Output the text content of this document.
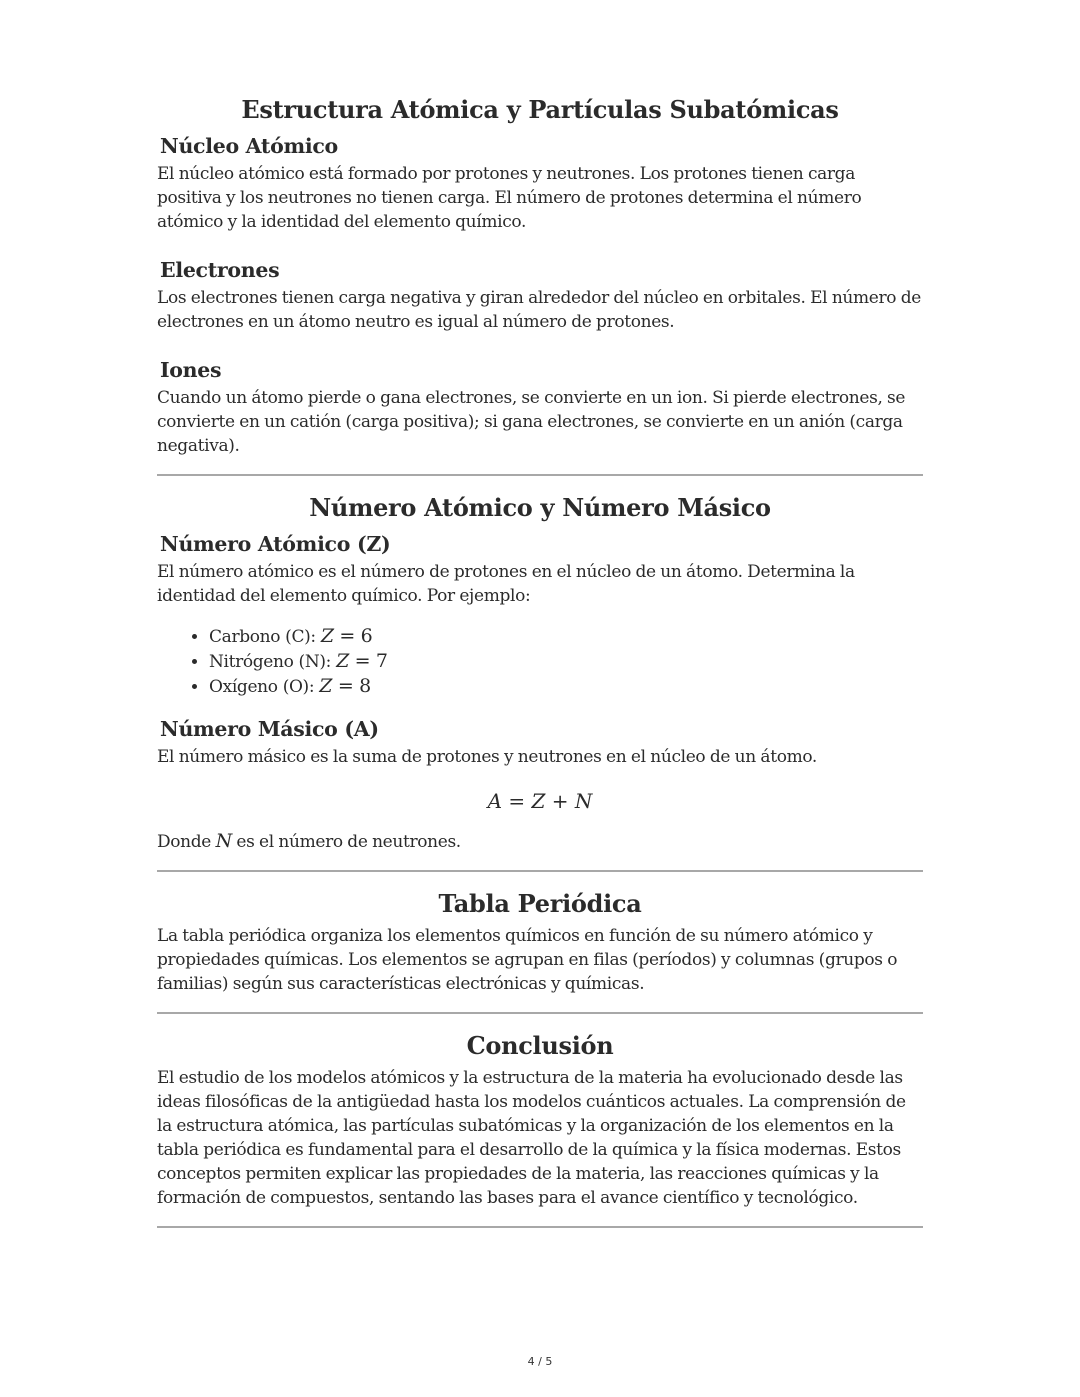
Estructura Atómica y Partículas Subatómicas
Núcleo Atómico

El núcleo atómico está formado por protones y neutrones. Los protones tienen carga positiva y los neutrones no tienen carga. El número de protones determina el número atómico y la identidad del elemento químico.

Electrones

Los electrones tienen carga negativa y giran alrededor del núcleo en orbitales. El número de electrones en un átomo neutro es igual al número de protones.

Iones

Cuando un átomo pierde o gana electrones, se convierte en un ion. Si pierde electrones, se convierte en un catión (carga positiva); si gana electrones, se convierte en un anión (carga negativa).

Número Atómico y Número Másico
Número Atómico (Z)

El número atómico es el número de protones en el núcleo de un átomo. Determina la identidad del elemento químico. Por ejemplo:

• Carbono (C): Z = 6
• Nitrógeno (N): Z = 7
• Oxígeno (O): Z = 8
Número Másico (A)

El número másico es la suma de protones y neutrones en el núcleo de un átomo.

A = Z + N

Donde N es el número de neutrones.

Tabla Periódica

La tabla periódica organiza los elementos químicos en función de su número atómico y propiedades químicas. Los elementos se agrupan en filas (períodos) y columnas (grupos o familias) según sus características electrónicas y químicas.

Conclusión

El estudio de los modelos atómicos y la estructura de la materia ha evolucionado desde las ideas filosóficas de la antigüedad hasta los modelos cuánticos actuales. La comprensión de la estructura atómica, las partículas subatómicas y la organización de los elementos en la tabla periódica es fundamental para el desarrollo de la química y la física modernas. Estos conceptos permiten explicar las propiedades de la materia, las reacciones químicas y la formación de compuestos, sentando las bases para el avance científico y tecnológico.

4 / 5
